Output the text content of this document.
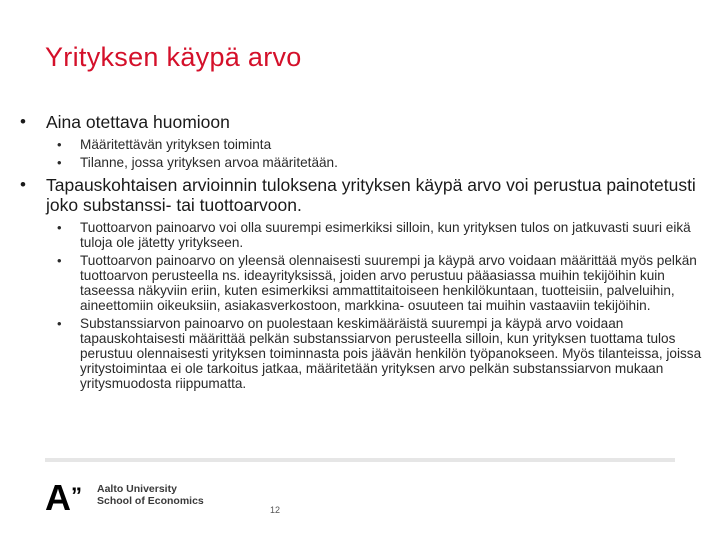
Yrityksen käypä arvo
•	Aina otettava huomioon
• Määritettävän yrityksen toiminta
• Tilanne, jossa yrityksen arvoa määritetään.
•	Tapauskohtaisen arvioinnin tuloksena yrityksen käypä arvo voi perustua painotetusti joko substanssi- tai tuottoarvoon.
• Tuottoarvon painoarvo voi olla suurempi esimerkiksi silloin, kun yrityksen tulos on jatkuvasti suuri eikä tuloja ole jätetty yritykseen.
• Tuottoarvon painoarvo on yleensä olennaisesti suurempi ja käypä arvo voidaan määrittää myös pelkän tuottoarvon perusteella ns. ideayrityksissä, joiden arvo perustuu pääasiassa muihin tekijöihin kuin taseessa näkyviin eriin, kuten esimerkiksi ammattitaitoiseen henkilökuntaan, tuotteisiin, palveluihin, aineettomiin oikeuksiin, asiakasverkostoon, markkina- osuuteen tai muihin vastaaviin tekijöihin.
• Substanssiarvon painoarvo on puolestaan keskimääräistä suurempi ja käypä arvo voidaan tapauskohtaisesti määrittää pelkän substanssiarvon perusteella silloin, kun yrityksen tuottama tulos perustuu olennaisesti yrityksen toiminnasta pois jäävän henkilön työpanokseen. Myös tilanteissa, joissa yritystoimintaa ei ole tarkoitus jatkaa, määritetään yrityksen arvo pelkän substanssiarvon mukaan yritysmuodosta riippumatta.
A” Aalto University
School of Economics
12
